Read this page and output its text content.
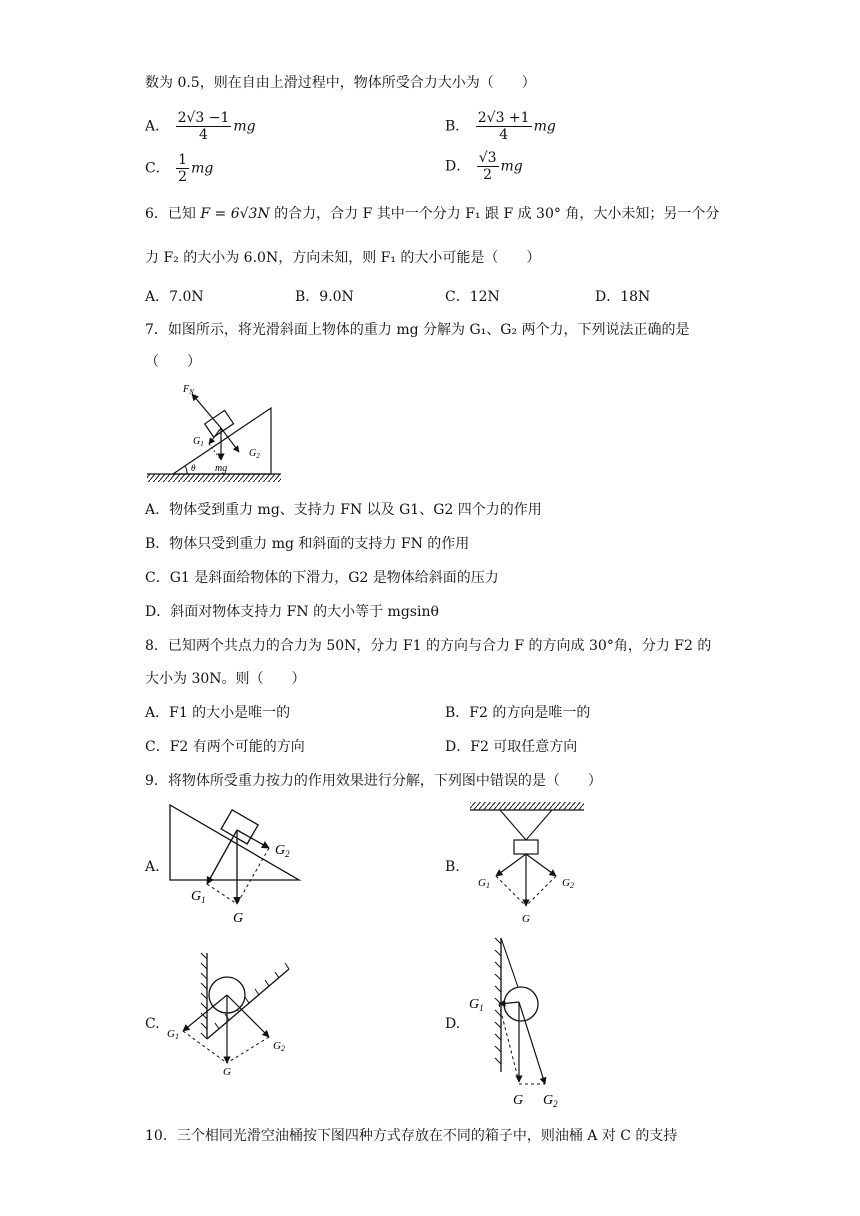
数为 0.5，则在自由上滑过程中，物体所受合力大小为（　　）
A． $\frac{2√3 -1}{4}$ mg	B． $\frac{2√3 +1}{4}$ mg
C． $\frac{1}{2}$ mg	D． $\frac{√3}{2}$ mg
6．已知 F = 6√3N 的合力，合力 F 其中一个分力 F₁ 跟 F 成 30° 角，大小未知；另一个分
力 F₂ 的大小为 6.0N，方向未知，则 F₁ 的大小可能是（　　）
A．7.0N	B．9.0N	C．12N	D．18N
7．如图所示，将光滑斜面上物体的重力 mg 分解为 G₁、G₂ 两个力，下列说法正确的是
（　　）
$F_N$
$G_1$
$G_2$
mg
θ
A．物体受到重力 mg、支持力 FN 以及 G1、G2 四个力的作用
B．物体只受到重力 mg 和斜面的支持力 FN 的作用
C．G1 是斜面给物体的下滑力，G2 是物体给斜面的压力
D．斜面对物体支持力 FN 的大小等于 mgsinθ
8．已知两个共点力的合力为 50N，分力 F1 的方向与合力 F 的方向成 30°角，分力 F2 的
大小为 30N。则（　　）
A．F1 的大小是唯一的	B．F2 的方向是唯一的
C．F2 有两个可能的方向	D．F2 可取任意方向
9．将物体所受重力按力的作用效果进行分解，下列图中错误的是（　　）
A.
G
$G_1$
$G_2$
B.
G
G1	G2
C.
G
G1
G2
D.
G
$G_1$
$G_2$
10．三个相同光滑空油桶按下图四种方式存放在不同的箱子中，则油桶 A 对 C 的支持
